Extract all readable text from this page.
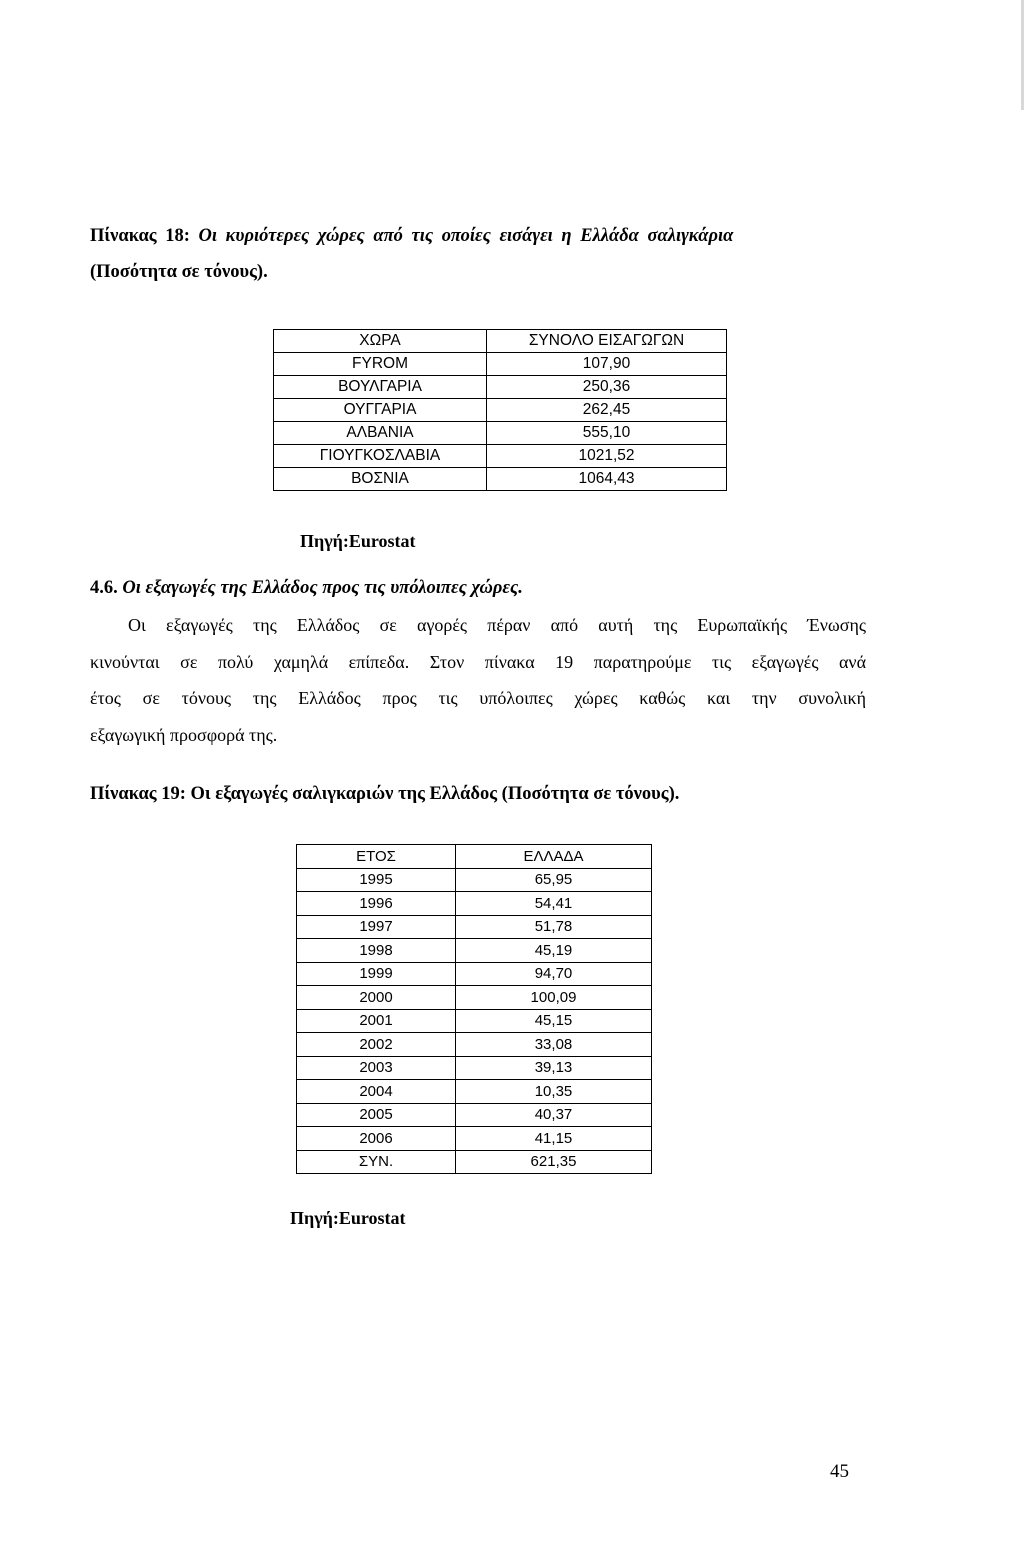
Πίνακας 18: Οι κυριότερες χώρες από τις οποίες εισάγει η Ελλάδα σαλιγκάρια

(Ποσότητα σε τόνους).

ΧΩΡΑ	ΣΥΝΟΛΟ ΕΙΣΑΓΩΓΩΝ
FYROM	107,90
ΒΟΥΛΓΑΡΙΑ	250,36
ΟΥΓΓΑΡΙΑ	262,45
ΑΛΒΑΝΙΑ	555,10
ΓΙΟΥΓΚΟΣΛΑΒΙΑ	1021,52
ΒΟΣΝΙΑ	1064,43
Πηγή:Eurostat

4.6. Οι εξαγωγές της Ελλάδος προς τις υπόλοιπες χώρες.

Οι εξαγωγές της Ελλάδος σε αγορές πέραν από αυτή της Ευρωπαϊκής Ένωσης
κινούνται σε πολύ χαμηλά επίπεδα. Στον πίνακα 19 παρατηρούμε τις εξαγωγές ανά
έτος σε τόνους της Ελλάδος προς τις υπόλοιπες χώρες καθώς και την συνολική
εξαγωγική προσφορά της.

Πίνακας 19: Οι εξαγωγές σαλιγκαριών της Ελλάδος (Ποσότητα σε τόνους).

ΕΤΟΣ	ΕΛΛΑΔΑ
1995	65,95
1996	54,41
1997	51,78
1998	45,19
1999	94,70
2000	100,09
2001	45,15
2002	33,08
2003	39,13
2004	10,35
2005	40,37
2006	41,15
ΣΥΝ.	621,35
Πηγή:Eurostat
45
